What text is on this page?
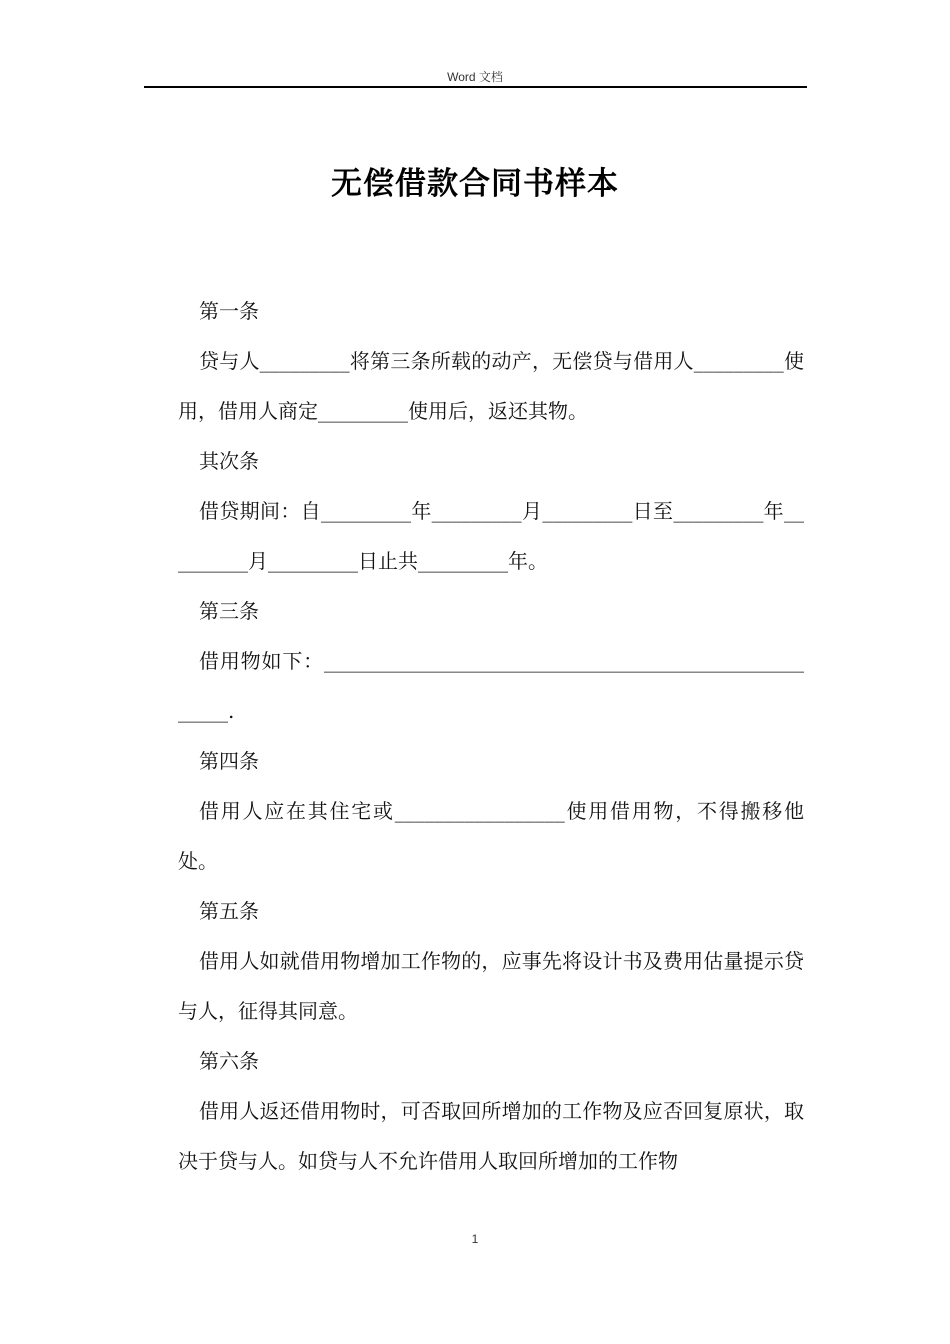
Word 文档
无偿借款合同书样本

第一条

贷与人_________将第三条所载的动产，无偿贷与借用人_________使用，借用人商定_________使用后，返还其物。

其次条

借贷期间：自_________年_________月_________日至_________年_________月_________日止共_________年。

第三条

借用物如下：_____________________________________________________.

第四条

借用人应在其住宅或_________________使用借用物，不得搬移他处。

第五条

借用人如就借用物增加工作物的，应事先将设计书及费用估量提示贷与人，征得其同意。

第六条

借用人返还借用物时，可否取回所增加的工作物及应否回复原状，取决于贷与人。如贷与人不允许借用人取回所增加的工作物

1
